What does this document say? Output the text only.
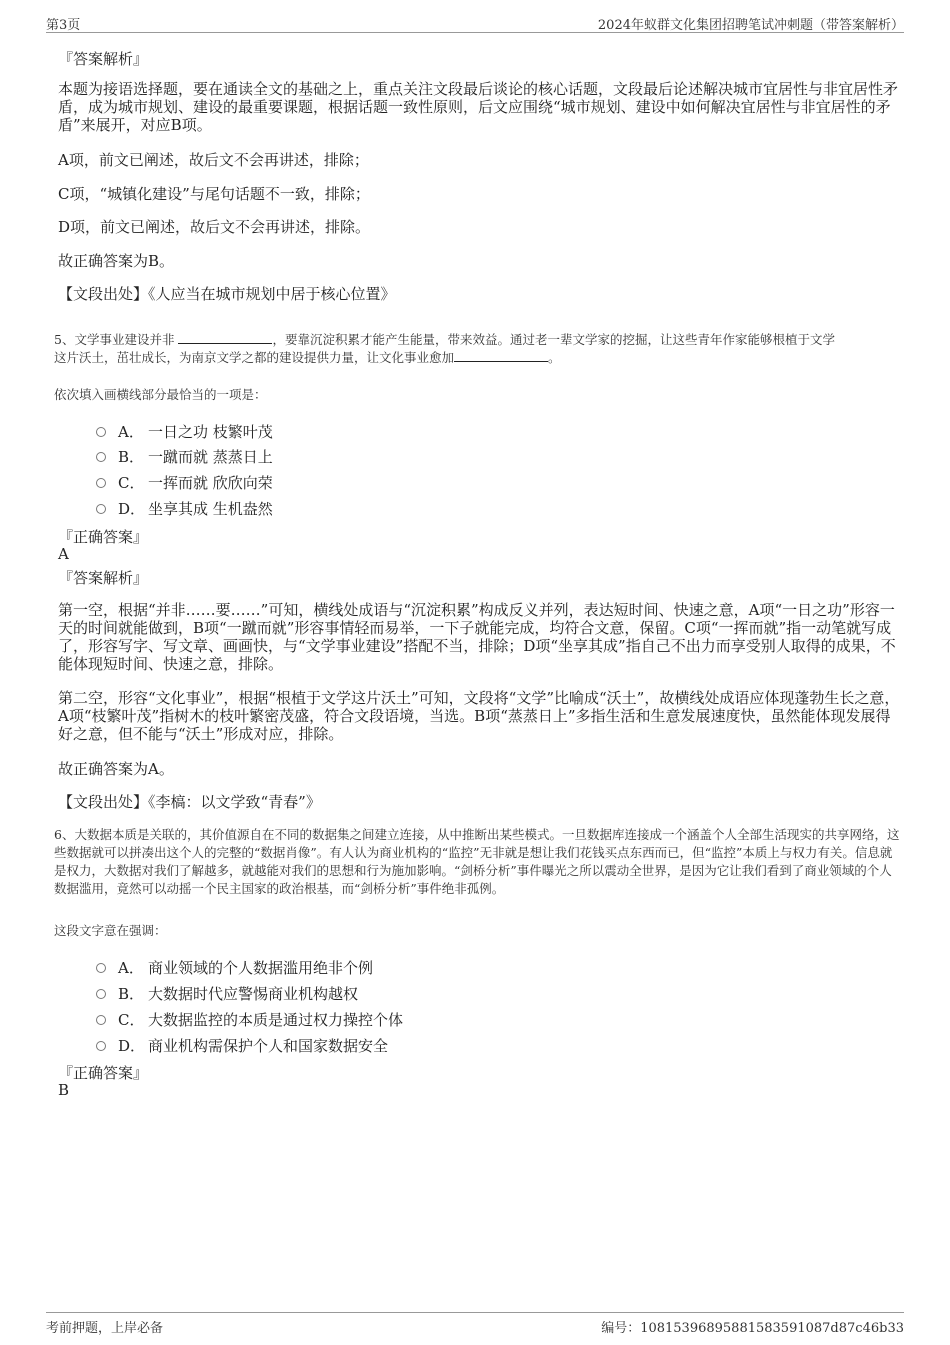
第3页	2024年蚁群文化集团招聘笔试冲刺题（带答案解析）
『答案解析』
本题为接语选择题，要在通读全文的基础之上，重点关注文段最后谈论的核心话题，文段最后论述解决城市宜居性与非宜居性矛盾，成为城市规划、建设的最重要课题，根据话题一致性原则，后文应围绕“城市规划、建设中如何解决宜居性与非宜居性的矛盾”来展开，对应B项。
A项，前文已阐述，故后文不会再讲述，排除；
C项，“城镇化建设”与尾句话题不一致，排除；
D项，前文已阐述，故后文不会再讲述，排除。
故正确答案为B。
【文段出处】《人应当在城市规划中居于核心位置》
5、文学事业建设并非	，要靠沉淀积累才能产生能量，带来效益。通过老一辈文学家的挖掘，让这些青年作家能够根植于文学
这片沃土，茁壮成长，为南京文学之都的建设提供力量，让文化事业愈加	。
依次填入画横线部分最恰当的一项是：
A． 一日之功 枝繁叶茂
B． 一蹴而就 蒸蒸日上
C． 一挥而就 欣欣向荣
D． 坐享其成 生机盎然
『正确答案』
A
『答案解析』
第一空，根据“并非……要……”可知，横线处成语与“沉淀积累”构成反义并列，表达短时间、快速之意，A项“一日之功”形容一天的时间就能做到，B项“一蹴而就”形容事情轻而易举，一下子就能完成，均符合文意，保留。C项“一挥而就”指一动笔就写成了，形容写字、写文章、画画快，与“文学事业建设”搭配不当，排除；D项“坐享其成”指自己不出力而享受别人取得的成果，不能体现短时间、快速之意，排除。
第二空，形容“文化事业”，根据“根植于文学这片沃土”可知，文段将“文学”比喻成“沃土”，故横线处成语应体现蓬勃生长之意，A项“枝繁叶茂”指树木的枝叶繁密茂盛，符合文段语境，当选。B项“蒸蒸日上”多指生活和生意发展速度快，虽然能体现发展得好之意，但不能与“沃土”形成对应，排除。
故正确答案为A。
【文段出处】《李槁：以文学致“青春”》
6、大数据本质是关联的，其价值源自在不同的数据集之间建立连接，从中推断出某些模式。一旦数据库连接成一个涵盖个人全部生活现实的共享网络，这些数据就可以拼凑出这个人的完整的“数据肖像”。有人认为商业机构的“监控”无非就是想让我们花钱买点东西而已，但“监控”本质上与权力有关。信息就是权力，大数据对我们了解越多，就越能对我们的思想和行为施加影响。“剑桥分析”事件曝光之所以震动全世界，是因为它让我们看到了商业领域的个人数据滥用，竟然可以动摇一个民主国家的政治根基，而“剑桥分析”事件绝非孤例。
这段文字意在强调：
A． 商业领域的个人数据滥用绝非个例
B． 大数据时代应警惕商业机构越权
C． 大数据监控的本质是通过权力操控个体
D． 商业机构需保护个人和国家数据安全
『正确答案』
B
考前押题，上岸必备	编号：10815396895881583591087d87c46b33
